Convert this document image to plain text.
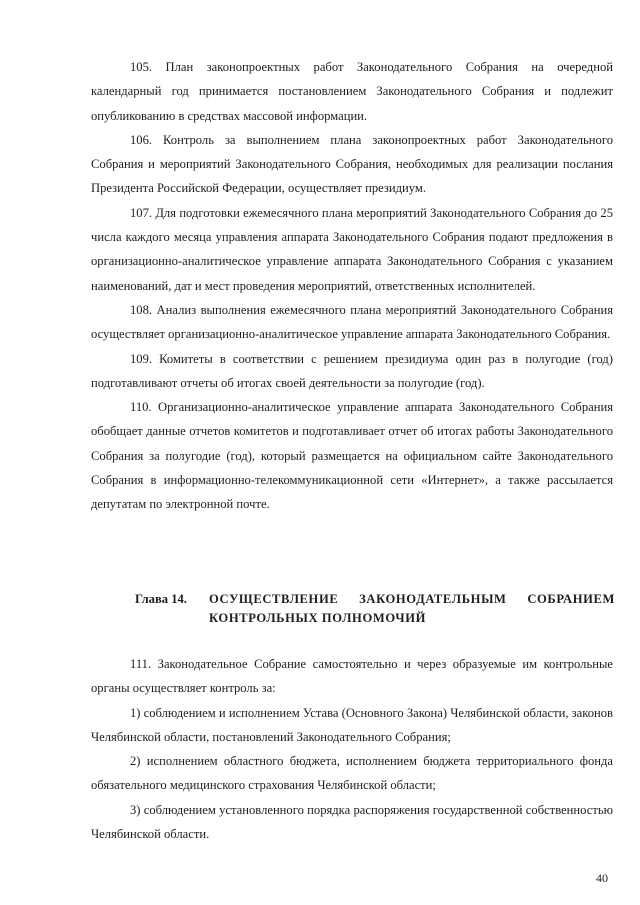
105. План законопроектных работ Законодательного Собрания на очередной календарный год принимается постановлением Законодательного Собрания и подлежит опубликованию в средствах массовой информации.

106. Контроль за выполнением плана законопроектных работ Законодательного Собрания и мероприятий Законодательного Собрания, необходимых для реализации послания Президента Российской Федерации, осуществляет президиум.

107. Для подготовки ежемесячного плана мероприятий Законодательного Собрания до 25 числа каждого месяца управления аппарата Законодательного Собрания подают предложения в организационно-аналитическое управление аппарата Законодательного Собрания с указанием наименований, дат и мест проведения мероприятий, ответственных исполнителей.

108. Анализ выполнения ежемесячного плана мероприятий Законодательного Собрания осуществляет организационно-аналитическое управление аппарата Законодательного Собрания.

109. Комитеты в соответствии с решением президиума один раз в полугодие (год) подготавливают отчеты об итогах своей деятельности за полугодие (год).

110. Организационно-аналитическое управление аппарата Законодательного Собрания обобщает данные отчетов комитетов и подготавливает отчет об итогах работы Законодательного Собрания за полугодие (год), который размещается на официальном сайте Законодательного Собрания в информационно-телекоммуникационной сети «Интернет», а также рассылается депутатам по электронной почте.

Глава 14.	ОСУЩЕСТВЛЕНИЕ ЗАКОНОДАТЕЛЬНЫМ СОБРАНИЕМ КОНТРОЛЬНЫХ ПОЛНОМОЧИЙ

111. Законодательное Собрание самостоятельно и через образуемые им контрольные органы осуществляет контроль за:

1) соблюдением и исполнением Устава (Основного Закона) Челябинской области, законов Челябинской области, постановлений Законодательного Собрания;

2) исполнением областного бюджета, исполнением бюджета территориального фонда обязательного медицинского страхования Челябинской области;

3) соблюдением установленного порядка распоряжения государственной собственностью Челябинской области.

40
